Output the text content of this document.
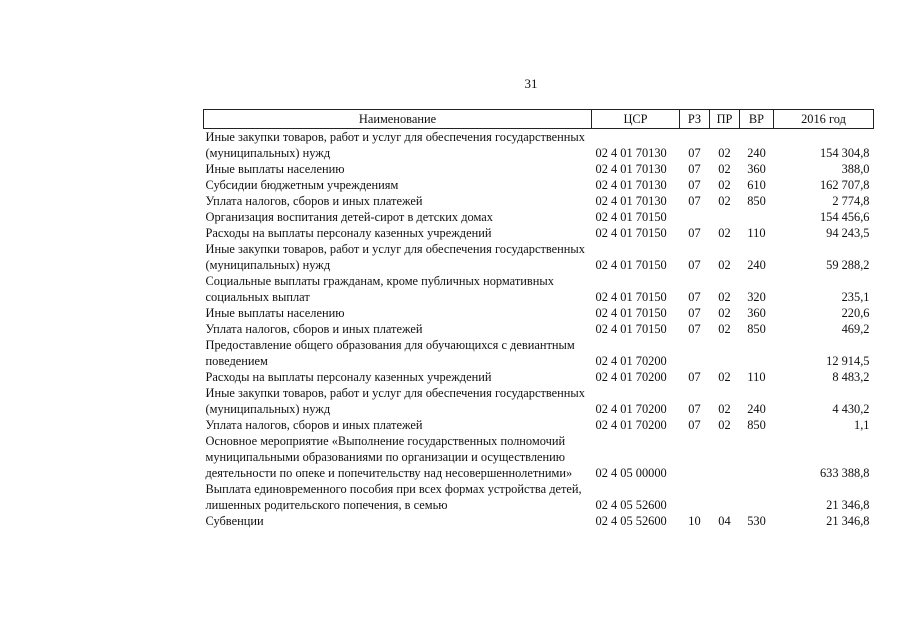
31
Наименование	ЦСР	РЗ	ПР	ВР	2016 год
Иные закупки товаров, работ и услуг для обеспечения государственных (муниципальных) нужд	02 4 01 70130	07	02	240	154 304,8
Иные выплаты населению	02 4 01 70130	07	02	360	388,0
Субсидии бюджетным учреждениям	02 4 01 70130	07	02	610	162 707,8
Уплата налогов, сборов и иных платежей	02 4 01 70130	07	02	850	2 774,8
Организация воспитания детей-сирот в детских домах	02 4 01 70150				154 456,6
Расходы на выплаты персоналу казенных учреждений	02 4 01 70150	07	02	110	94 243,5
Иные закупки товаров, работ и услуг для обеспечения государственных (муниципальных) нужд	02 4 01 70150	07	02	240	59 288,2
Социальные выплаты гражданам, кроме публичных нормативных социальных выплат	02 4 01 70150	07	02	320	235,1
Иные выплаты населению	02 4 01 70150	07	02	360	220,6
Уплата налогов, сборов и иных платежей	02 4 01 70150	07	02	850	469,2
Предоставление общего образования для обучающихся с девиантным поведением	02 4 01 70200				12 914,5
Расходы на выплаты персоналу казенных учреждений	02 4 01 70200	07	02	110	8 483,2
Иные закупки товаров, работ и услуг для обеспечения государственных (муниципальных) нужд	02 4 01 70200	07	02	240	4 430,2
Уплата налогов, сборов и иных платежей	02 4 01 70200	07	02	850	1,1
Основное мероприятие «Выполнение государственных полномочий муниципальными образованиями по организации и осуществлению деятельности по опеке и попечительству над несовершеннолетними»	02 4 05 00000				633 388,8
Выплата единовременного пособия при всех формах устройства детей, лишенных родительского попечения, в семью	02 4 05 52600				21 346,8
Субвенции	02 4 05 52600	10	04	530	21 346,8
